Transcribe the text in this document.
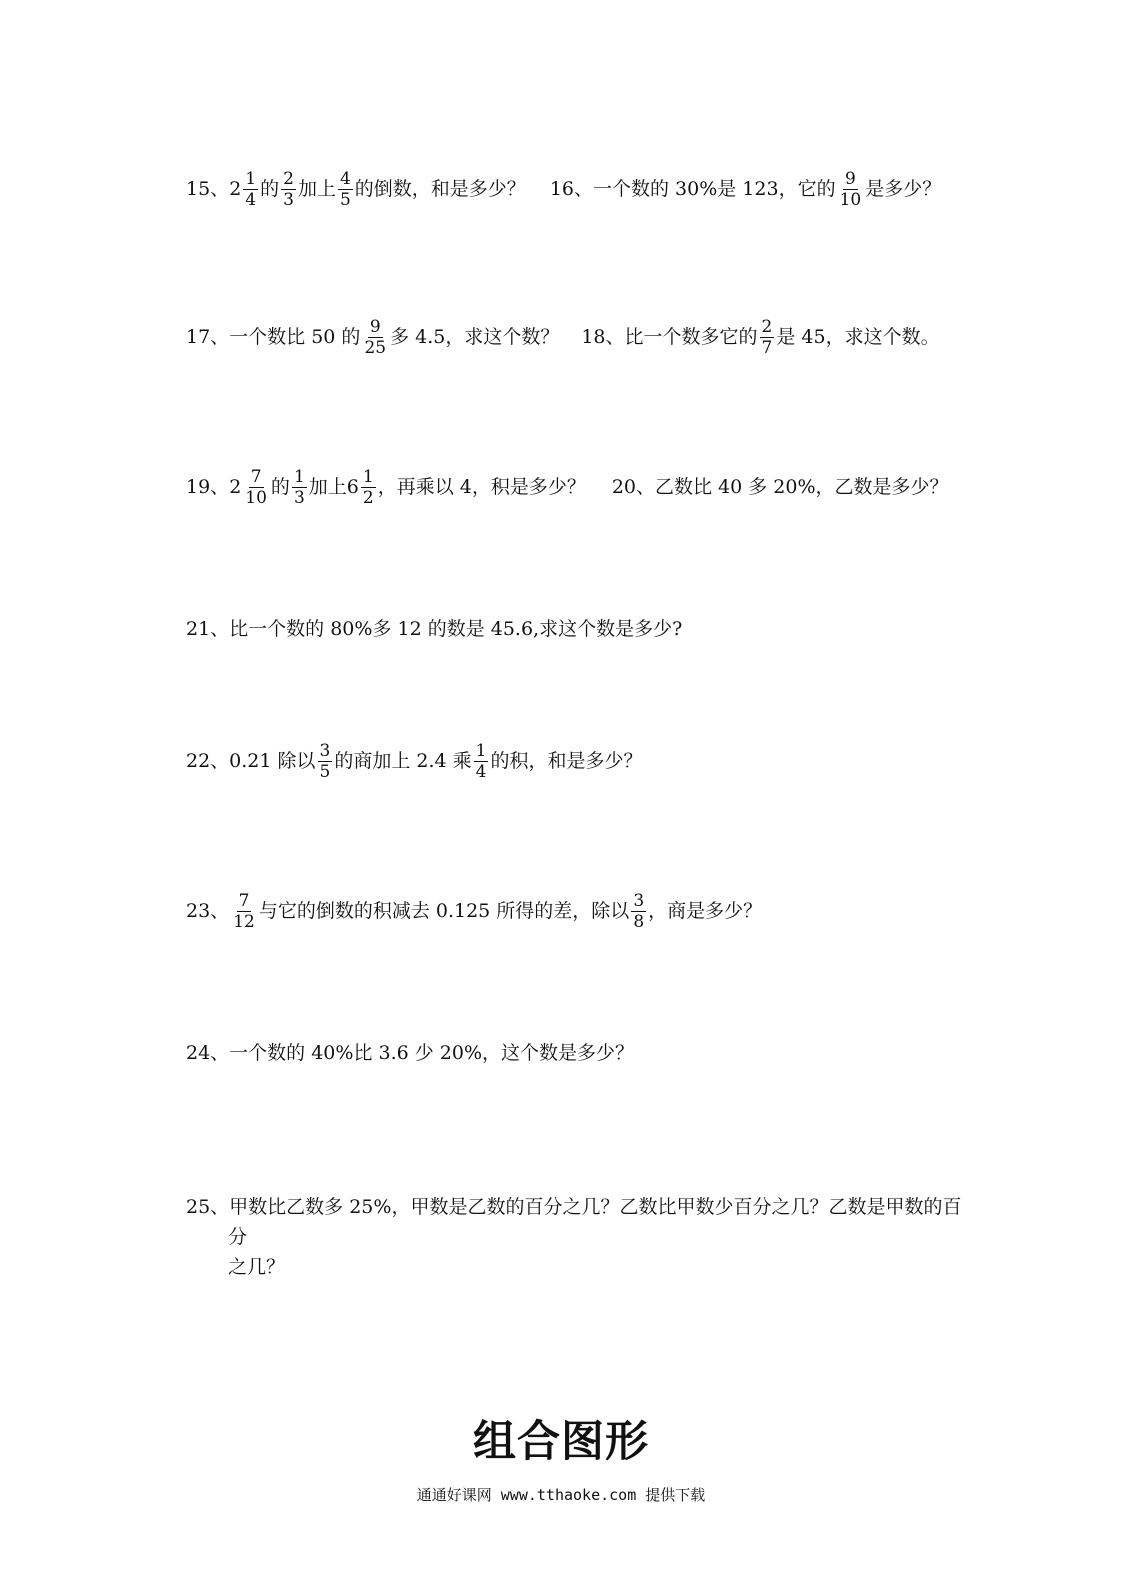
15、 $2 \frac{1}{4}$ 的 $\frac{2}{3}$ 加上 $\frac{4}{5}$ 的倒数，和是多少？ 16、一个数的 30%是 123，它的 $\frac{9}{10}$ 是多少？
17、一个数比 50 的 $\frac{9}{25}$ 多 4.5，求这个数？ 18、比一个数多它的 $\frac{2}{7}$ 是 45，求这个数。
19、 $2 \frac{7}{10}$ 的 $\frac{1}{3}$ 加上$6 \frac{1}{2}$ ，再乘以 4，积是多少？ 20、乙数比 40 多 20%，乙数是多少？
21、比一个数的 80%多 12 的数是 45.6,求这个数是多少?
22、0.21 除以 $\frac{3}{5}$ 的商加上 2.4 乘 $\frac{1}{4}$ 的积，和是多少？
23、 $\frac{7}{12}$ 与它的倒数的积减去 0.125 所得的差，除以 $\frac{3}{8}$ ，商是多少？
24、一个数的 40%比 3.6 少 20%，这个数是多少？
25、甲数比乙数多 25%，甲数是乙数的百分之几？乙数比甲数少百分之几？乙数是甲数的百
分
之几？
组合图形
通通好课网 www.tthaoke.com 提供下载
